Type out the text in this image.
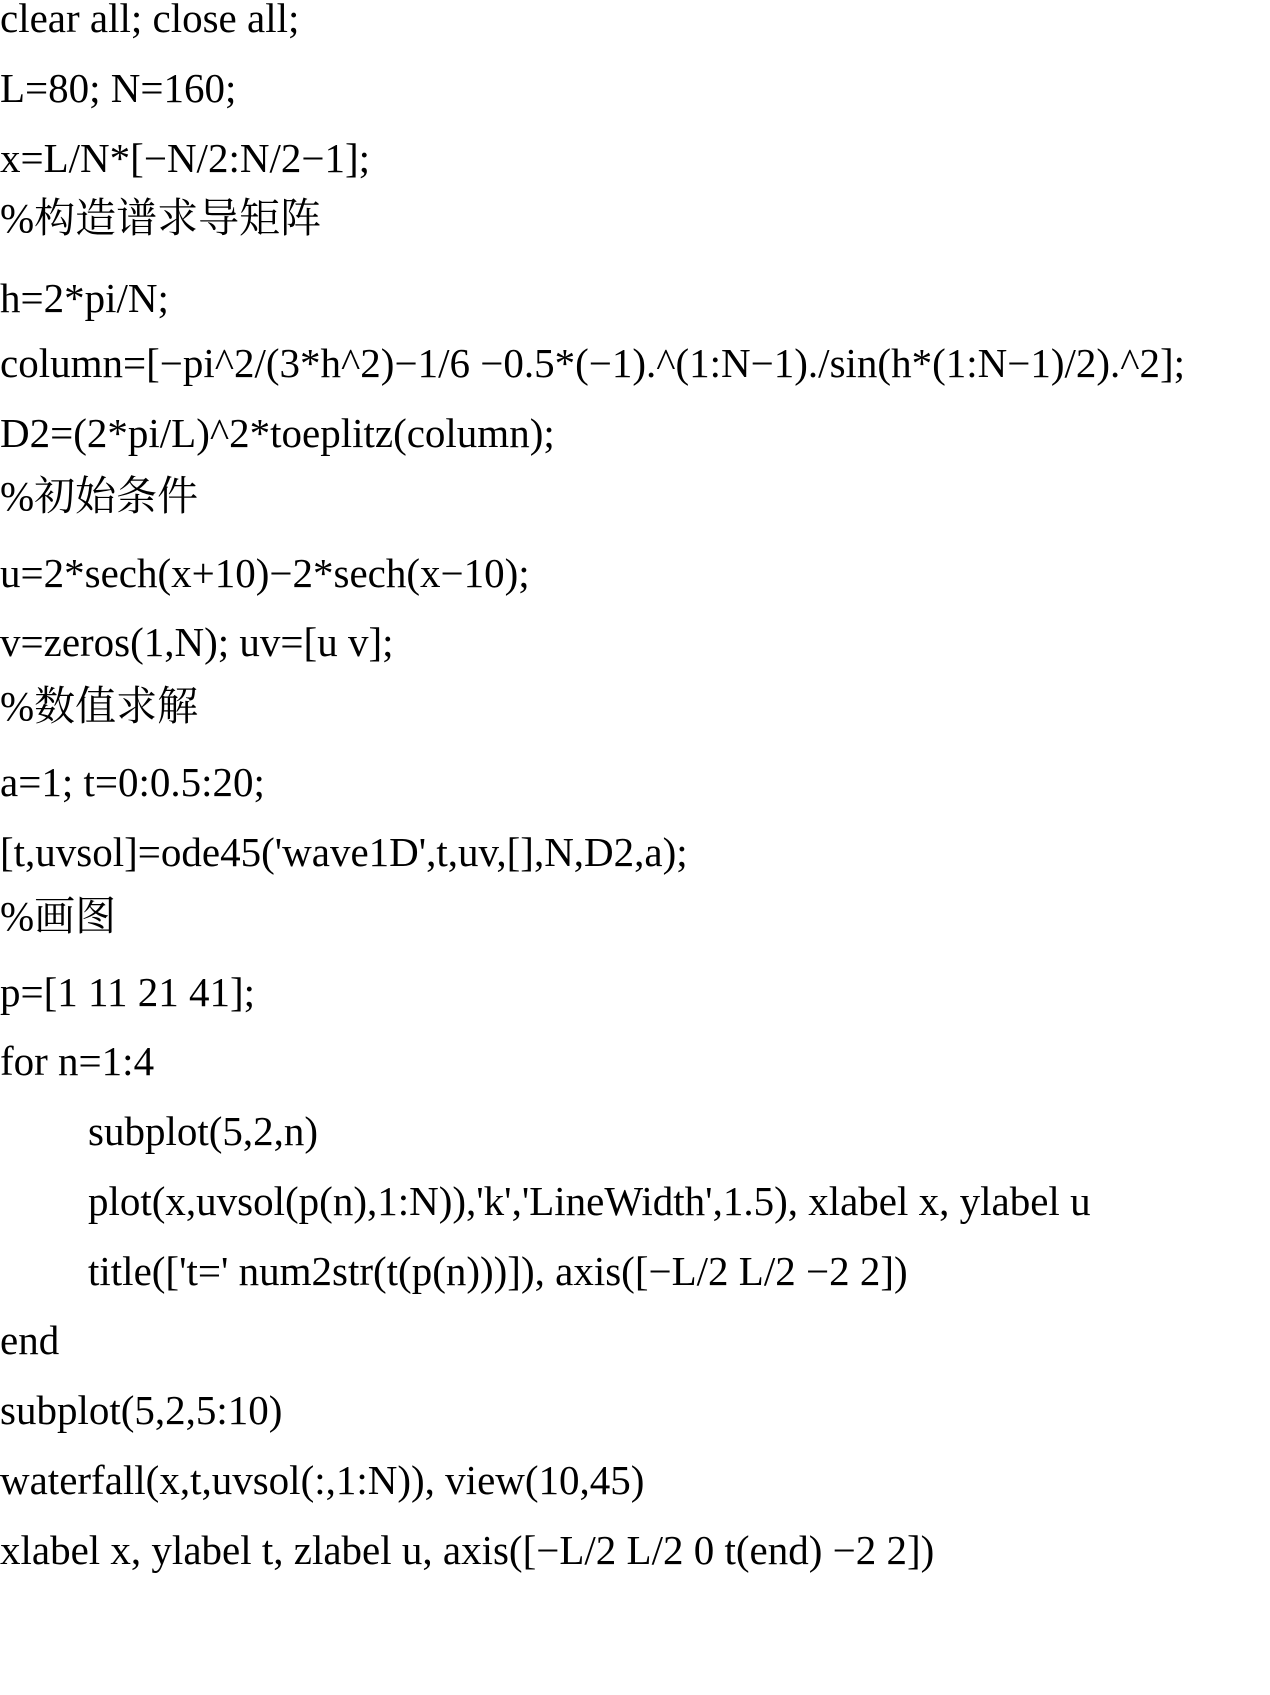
clear all; close all;
L=80; N=160;
x=L/N*[−N/2:N/2−1];
%构造谱求导矩阵
h=2*pi/N;
column=[−pi^2/(3*h^2)−1/6 −0.5*(−1).^(1:N−1)./sin(h*(1:N−1)/2).^2];
D2=(2*pi/L)^2*toeplitz(column);
%初始条件
u=2*sech(x+10)−2*sech(x−10);
v=zeros(1,N); uv=[u v];
%数值求解
a=1; t=0:0.5:20;
[t,uvsol]=ode45('wave1D',t,uv,[],N,D2,a);
%画图
p=[1 11 21 41];
for n=1:4
subplot(5,2,n)
plot(x,uvsol(p(n),1:N)),'k','LineWidth',1.5), xlabel x, ylabel u
title(['t=' num2str(t(p(n)))]), axis([−L/2 L/2 −2 2])
end
subplot(5,2,5:10)
waterfall(x,t,uvsol(:,1:N)), view(10,45)
xlabel x, ylabel t, zlabel u, axis([−L/2 L/2 0 t(end) −2 2])
